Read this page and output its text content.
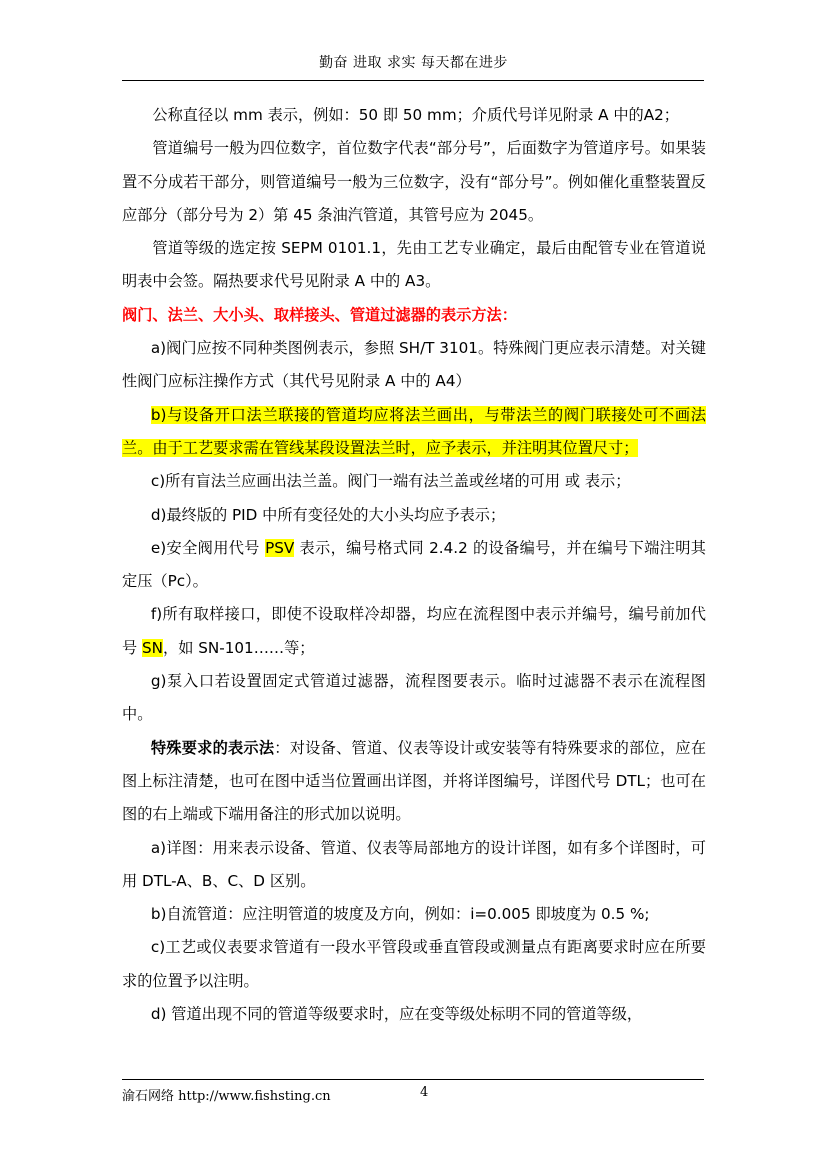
勤奋 进取 求实 每天都在进步

公称直径以 mm 表示，例如：50 即 50 mm；介质代号详见附录 A 中的A2；

管道编号一般为四位数字，首位数字代表“部分号”，后面数字为管道序号。如果装置不分成若干部分，则管道编号一般为三位数字，没有“部分号”。例如催化重整装置反应部分（部分号为 2）第 45 条油汽管道，其管号应为 2045。

管道等级的选定按 SEPM 0101.1，先由工艺专业确定，最后由配管专业在管道说明表中会签。隔热要求代号见附录 A 中的 A3。

阀门、法兰、大小头、取样接头、管道过滤器的表示方法：

a)阀门应按不同种类图例表示，参照 SH/T 3101。特殊阀门更应表示清楚。对关键性阀门应标注操作方式（其代号见附录 A 中的 A4）

b)与设备开口法兰联接的管道均应将法兰画出，与带法兰的阀门联接处可不画法兰。由于工艺要求需在管线某段设置法兰时，应予表示，并注明其位置尺寸；

c)所有盲法兰应画出法兰盖。阀门一端有法兰盖或丝堵的可用 或 表示；

d)最终版的 PID 中所有变径处的大小头均应予表示；

e)安全阀用代号 PSV 表示，编号格式同 2.4.2 的设备编号，并在编号下端注明其定压（Pc）。

f)所有取样接口，即使不设取样冷却器，均应在流程图中表示并编号，编号前加代号 SN，如 SN-101……等；

g)泵入口若设置固定式管道过滤器，流程图要表示。临时过滤器不表示在流程图中。

特殊要求的表示法：对设备、管道、仪表等设计或安装等有特殊要求的部位，应在图上标注清楚，也可在图中适当位置画出详图，并将详图编号，详图代号 DTL；也可在图的右上端或下端用备注的形式加以说明。

a)详图：用来表示设备、管道、仪表等局部地方的设计详图，如有多个详图时，可用 DTL-A、B、C、D 区别。

b)自流管道：应注明管道的坡度及方向，例如：i=0.005 即坡度为 0.5 %;

c)工艺或仪表要求管道有一段水平管段或垂直管段或测量点有距离要求时应在所要求的位置予以注明。

d) 管道出现不同的管道等级要求时，应在变等级处标明不同的管道等级，

渝石网络 http://www.fishsting.cn	4
